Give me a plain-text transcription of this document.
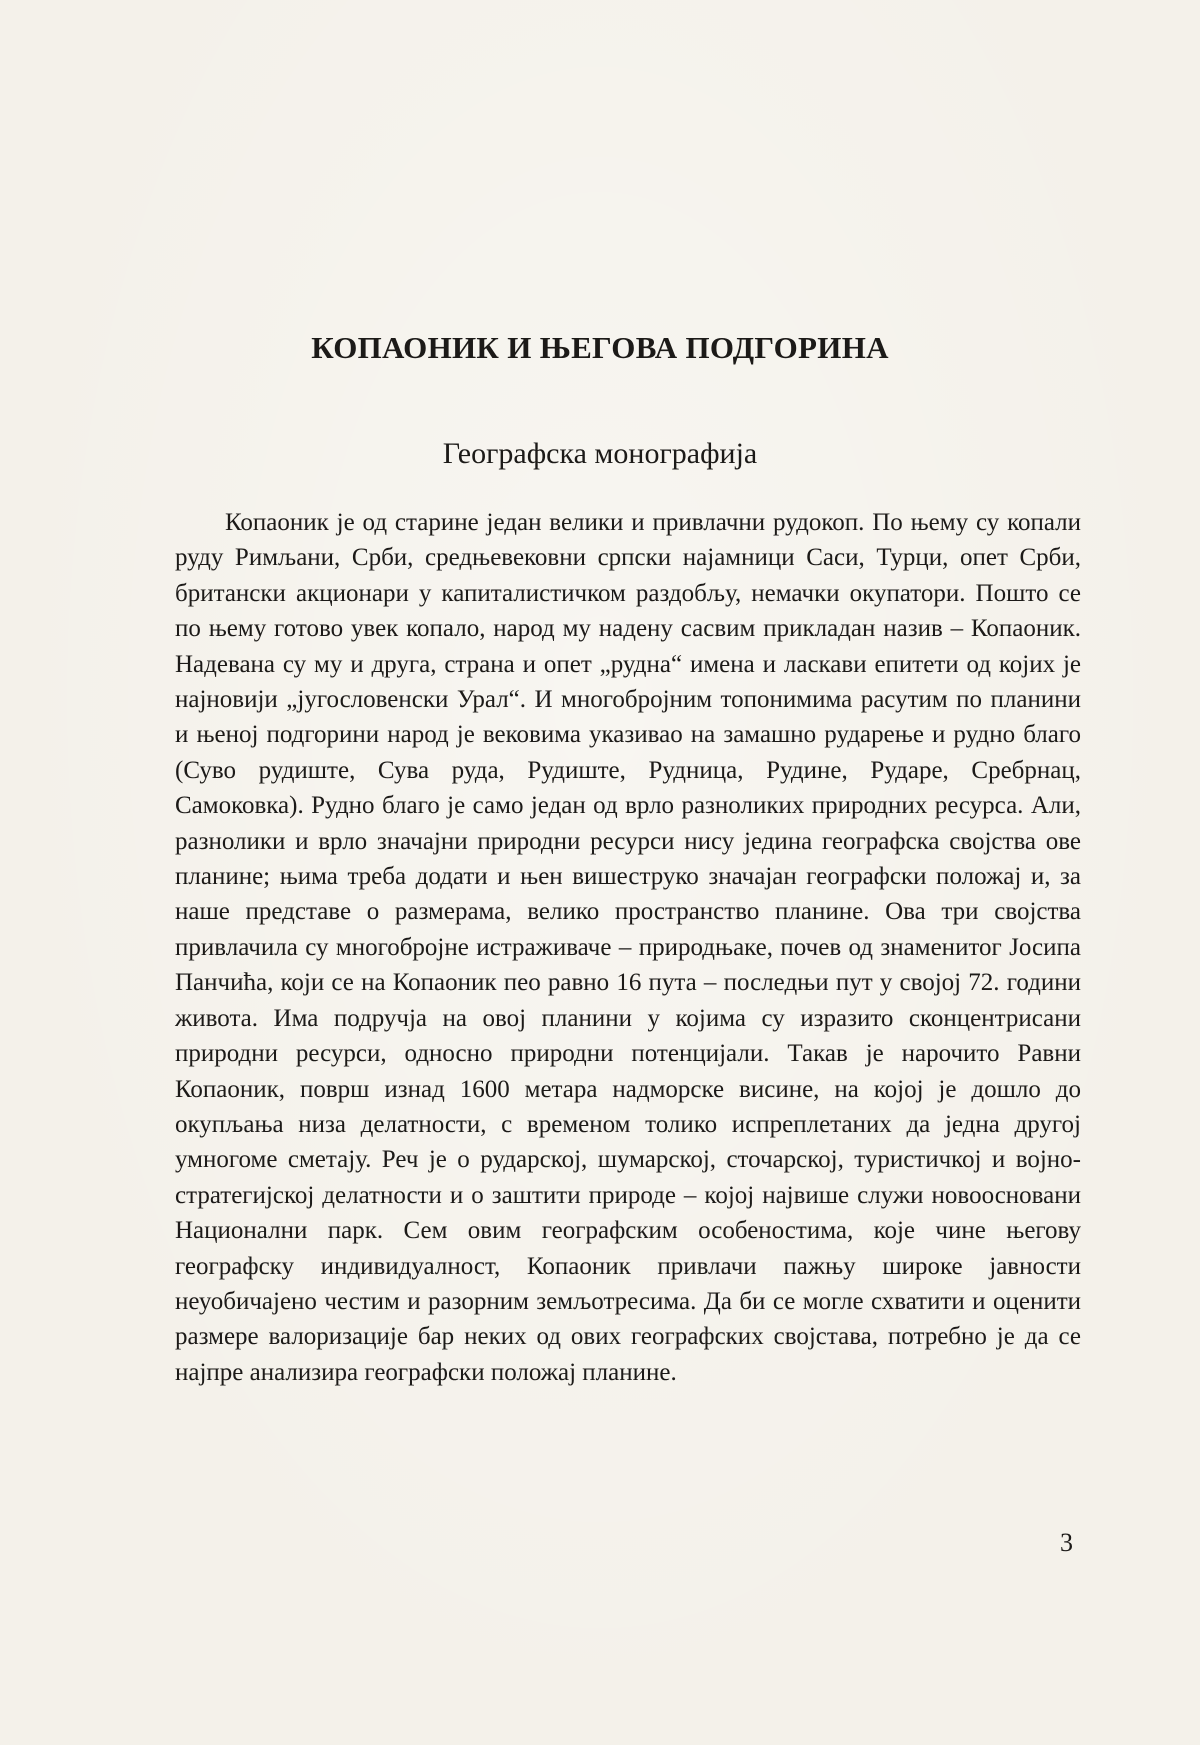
КОПАОНИК И ЊЕГОВА ПОДГОРИНА
Географска монографија

Копаоник је од старине један велики и привлачни рудокоп. По њему су копали руду Римљани, Срби, средњевековни српски најамници Саси, Турци, опет Срби, британски акционари у капиталистичком раздобљу, немачки окупатори. Пошто се по њему готово увек копало, народ му надену сасвим прикладан назив – Копаоник. Надевана су му и друга, страна и опет „рудна“ имена и ласкави епитети од којих је најновији „југословенски Урал“. И многобројним топонимима расутим по планини и њеној подгорини народ је вековима указивао на замашно рударење и рудно благо (Суво рудиште, Сува руда, Рудиште, Рудница, Рудине, Рударе, Сребрнац, Самоковка). Рудно благо је само један од врло разноликих природних ресурса. Али, разнолики и врло значајни природни ресурси нису једина географска својства ове планине; њима треба додати и њен вишеструко значајан географски положај и, за наше представе о размерама, велико пространство планине. Ова три својства привлачила су многобројне истраживаче – природњаке, почев од знаменитог Јосипа Панчића, који се на Копаоник пео равно 16 пута – последњи пут у својој 72. години живота. Има подручја на овој планини у којима су изразито сконцентрисани природни ресурси, односно природни потенцијали. Такав је нарочито Равни Копаоник, површ изнад 1600 метара надморске висине, на којој је дошло до окупљања низа делатности, с временом толико испреплетаних да једна другој умногоме сметају. Реч је о рударској, шумарској, сточарској, туристичкој и војно-стратегијској делатности и о заштити природе – којој највише служи новоосновани Национални парк. Сем овим географским особеностима, које чине његову географску индивидуалност, Копаоник привлачи пажњу широке јавности неуобичајено честим и разорним земљотресима. Да би се могле схватити и оценити размере валоризације бар неких од ових географских својстава, потребно је да се најпре анализира географски положај планине.

3
